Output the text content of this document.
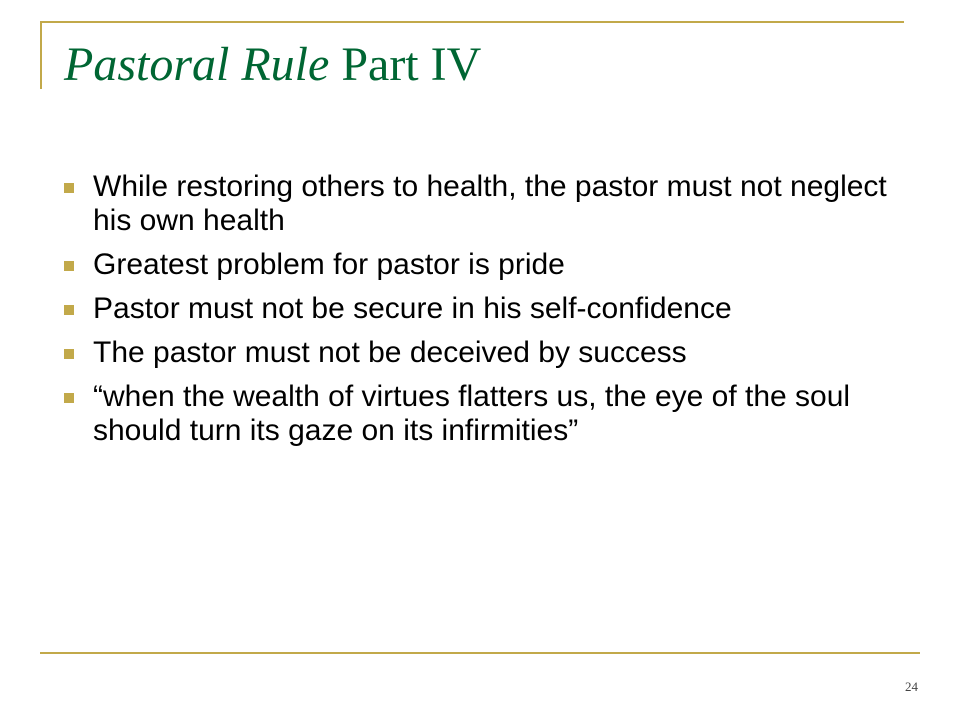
Pastoral Rule Part IV
While restoring others to health, the pastor must not neglect his own health
Greatest problem for pastor is pride
Pastor must not be secure in his self-confidence
The pastor must not be deceived by success
“when the wealth of virtues flatters us, the eye of the soul should turn its gaze on its infirmities”
24
